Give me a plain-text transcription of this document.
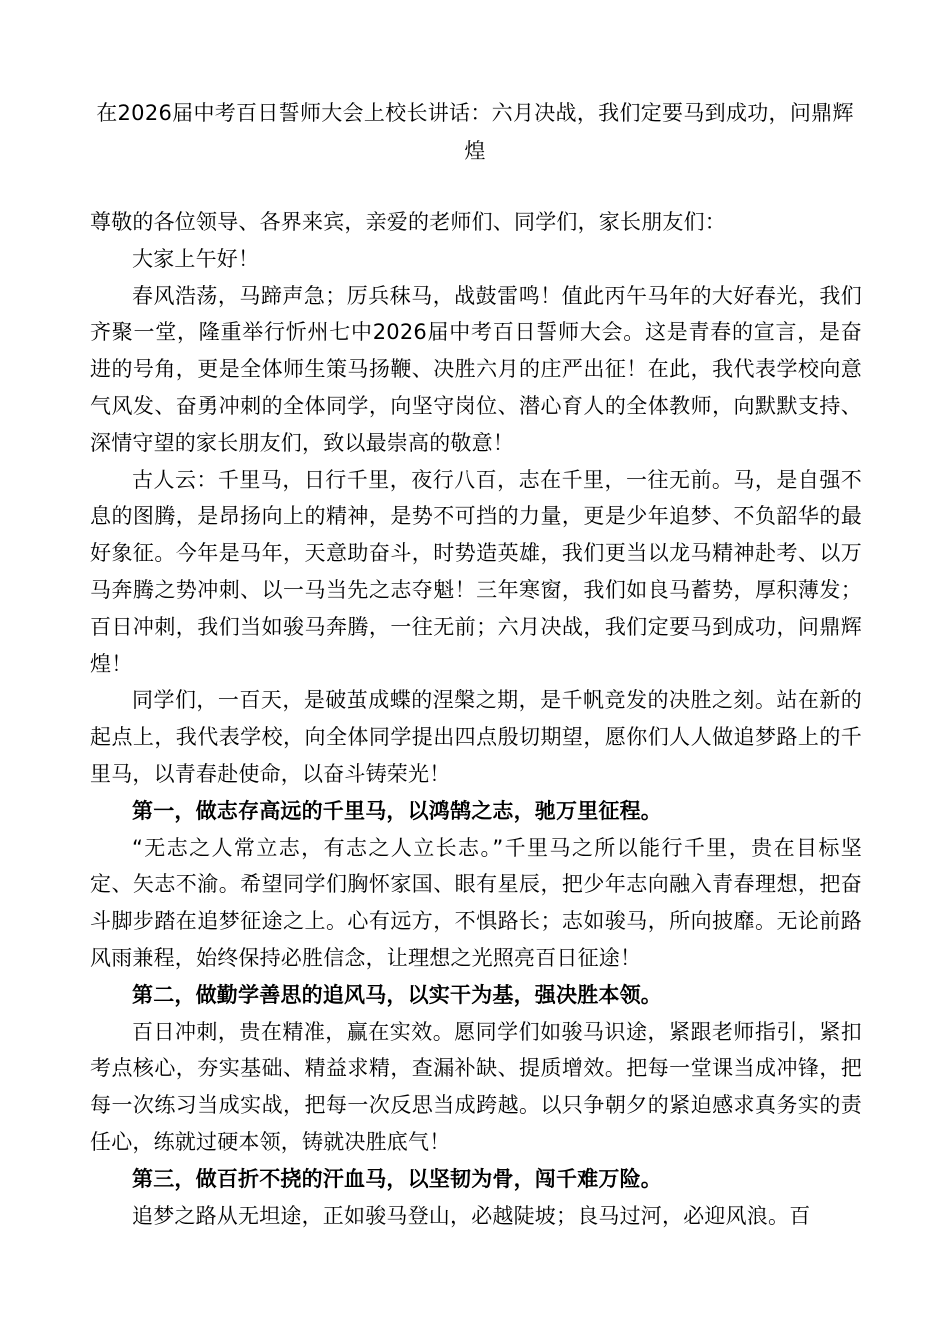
在2026届中考百日誓师大会上校长讲话：六月决战，我们定要马到成功，问鼎辉煌

尊敬的各位领导、各界来宾，亲爱的老师们、同学们，家长朋友们：

大家上午好！

春风浩荡，马蹄声急；厉兵秣马，战鼓雷鸣！值此丙午马年的大好春光，我们齐聚一堂，隆重举行忻州七中2026届中考百日誓师大会。这是青春的宣言，是奋进的号角，更是全体师生策马扬鞭、决胜六月的庄严出征！在此，我代表学校向意气风发、奋勇冲刺的全体同学，向坚守岗位、潜心育人的全体教师，向默默支持、深情守望的家长朋友们，致以最崇高的敬意！

古人云：千里马，日行千里，夜行八百，志在千里，一往无前。马，是自强不息的图腾，是昂扬向上的精神，是势不可挡的力量，更是少年追梦、不负韶华的最好象征。今年是马年，天意助奋斗，时势造英雄，我们更当以龙马精神赴考、以万马奔腾之势冲刺、以一马当先之志夺魁！三年寒窗，我们如良马蓄势，厚积薄发；百日冲刺，我们当如骏马奔腾，一往无前；六月决战，我们定要马到成功，问鼎辉煌！

同学们，一百天，是破茧成蝶的涅槃之期，是千帆竞发的决胜之刻。站在新的起点上，我代表学校，向全体同学提出四点殷切期望，愿你们人人做追梦路上的千里马，以青春赴使命，以奋斗铸荣光！

第一，做志存高远的千里马，以鸿鹄之志，驰万里征程。

“无志之人常立志，有志之人立长志。”千里马之所以能行千里，贵在目标坚定、矢志不渝。希望同学们胸怀家国、眼有星辰，把少年志向融入青春理想，把奋斗脚步踏在追梦征途之上。心有远方，不惧路长；志如骏马，所向披靡。无论前路风雨兼程，始终保持必胜信念，让理想之光照亮百日征途！

第二，做勤学善思的追风马，以实干为基，强决胜本领。

百日冲刺，贵在精准，赢在实效。愿同学们如骏马识途，紧跟老师指引，紧扣考点核心，夯实基础、精益求精，查漏补缺、提质增效。把每一堂课当成冲锋，把每一次练习当成实战，把每一次反思当成跨越。以只争朝夕的紧迫感求真务实的责任心，练就过硬本领，铸就决胜底气！

第三，做百折不挠的汗血马，以坚韧为骨，闯千难万险。

追梦之路从无坦途，正如骏马登山，必越陡坡；良马过河，必迎风浪。百
